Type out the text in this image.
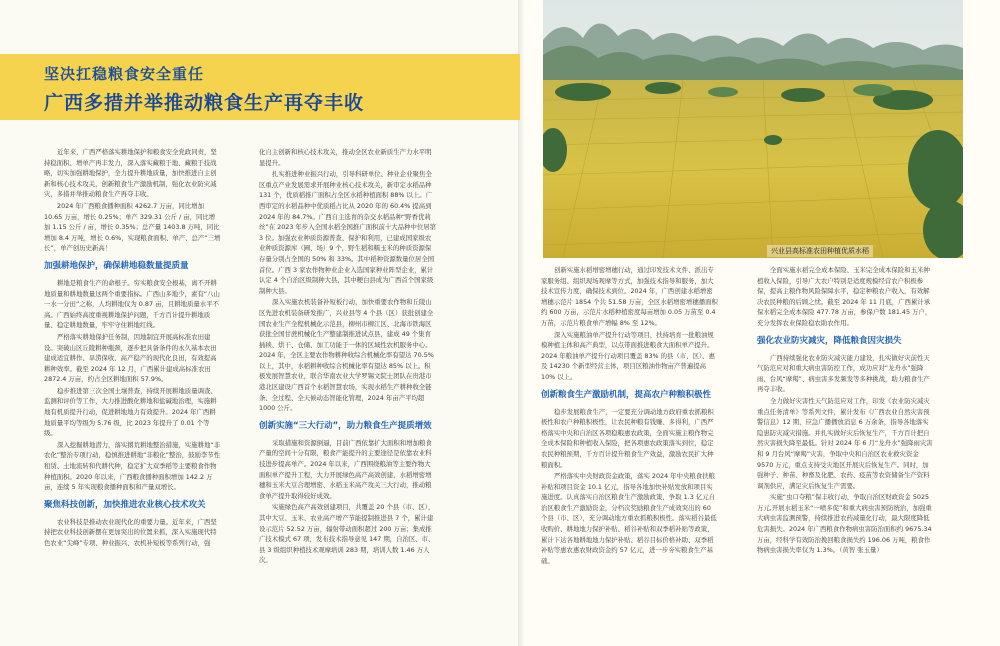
坚决扛稳粮食安全重任
广西多措并举推动粮食生产再夺丰收
兴业县高标准农田种植优质水稻

近年来，广西严格落实耕地保护和粮食安全党政同责，坚持稳面积、增单产再丰发力，深入落实藏粮于地、藏粮于技战略，切实加强耕地保护，全力提升耕地质量，加快推进自主创新和核心技术攻关，创新粮食生产激励机制，强化农业防灾减灾，多措并举推动粮食生产再夺丰收。

2024 年广西粮食播种面积 4262.7 万亩，同比增加 10.65 万亩，增长 0.25%；单产 329.31 公斤 / 亩，同比增加 1.15 公斤 / 亩，增长 0.35%；总产量 1403.8 万吨，同比增加 8.4 万吨，增长 0.6%，实现粮食面积、单产、总产“三增长”，单产创历史新高！

加强耕地保护，确保耕地稳数量提质量

耕地是粮食生产的命根子。穷实粮食安全根基，离不开耕地质量和耕地数量这两个重要指标。广西山多地少，素有“八山一水一分田”之称，人均耕地仅为 0.87 亩，且耕地质量水平不高。广西始终高度重视耕地保护问题，千方百计提升耕地质量、稳定耕地数量，牢牢守住耕地红线。

严格落实耕地保护任务制，因地制宜开展高标准农田建设。突破山区丘陵耕种瓶颈，逐步把具备条件的永久基本农田建成适宜耕作、旱涝保收、高产稳产的现代化良田，有效提高耕种效率。截至 2024 年 12 月，广西累计建成高标准农田 2872.4 万亩，约占全区耕地面积 57.9%。

稳步推进第三次全国土壤普查，持续开展耕地质量调查、监测和评价等工作，大力推进酸化耕地和盐碱地治理，实施耕地有机质提升行动，促进耕地地力有效提升。2024 年广西耕地质量平均等级为 5.76 级，比 2023 年提升了 0.01 个等级。

深入挖掘耕地潜力，落实撂荒耕地整治措施，实施耕地“非农化”整治专项行动，稳慎推进耕地“非粮化”整治，鼓励李节性租赁、土地流转和代耕代种，稳定扩大双季稻等主要粮食作物种植面积。2020 年以来，广西粮食播种面积增加 142.2 万亩，连续 5 年实现粮食播种面积和产量双增长。

聚焦科技创新，加快推进农业核心技术攻关

农业科技是推动农业现代化的重要力量。近年来，广西坚持把农业科技创新摆在更加突出的位置来抓，深入实施现代特色农业“尖峰”专项、种业振兴、农机补短板等系列行动，强

化自主创新和核心技术攻关，推动全区农业新质生产力水平明显提升。

扎实推进种业振兴行动，引导科研单位、种业企业聚焦全区重点产业发展需求开展种业核心技术攻关，新审定水稻品种 131 个，优质稻推广面积占全区水稻种植面积 88% 以上。广西审定的水稻品种中优质稻占比从 2020 年的 60.4% 提高到 2024 年的 84.7%。广西自主选育的杂交水稻品种“野香优莉丝”在 2023 年步入全国水稻全国推广面积前十大品种中位居第 3 位。加强农业种质资源普查、保护和利用，已建成国家级农业种质资源库（圃、场）9 个，野生稻和糯玉米的种质资源保存量分别占全国的 50% 和 33%。其中稻种资源数量位居全国首位。广西 3 家农作物种业企业入选国家种业阵型企业，累计认定 4 个自治区级制种大县，其中粳白县成为广西首个国家级制种大县。

深入实施农机装备补短板行动，加快重要农作物和丘陵山区先进农机装备研发推广，兴业县等 4 个县（区）获批创建全国农业生产全程机械化示范县，柳州市柳江区、北海市铁海区获批全国甘蔗机械化生产整建制推进试点县，建成 49 个集育插秧、烘干、仓储、加工功能于一体的区域性农机服务中心。2024 年，全区主要农作物耕种收综合机械化率有望达 70.5% 以上，其中，水稻耕种收综合机械化率有望达 85% 以上。积极发展智慧农业，联合华南农业大学罗锡文院士团队在贵港市港北区建设广西首个水稻智慧农场，实现水稻生产耕种收全链条、全过程、全天候动态智能化管理，2024 年亩产平均超 1000 公斤。

创新实施“三大行动”，助力粮食生产提质增效

采取措施和资源倒逼，目前广西依靠扩大面积和增加粮食产量的空间十分有限，粮食产能提升的主要途径是依靠农业科技进步提高单产。2024 年以来，广西围绕粮油等主要作物大面积单产提升工程，大力开展绿色高产高效创建，水稻增密增穗和玉米大豆合理增密、水稻玉米高产攻关三大行动，推动粮食单产提升取得较好成效。

实施绿色高产高效创建项目，共覆盖 20 个县（市、区），其中大豆、玉米、农业高产增产节能提制推进县 7 个，累计建设示范片 52.52 万亩，辐射带动面积超过 200 万亩；集成推广技术模式 67 项，发布技术指导意见 147 期，自治区、市、县 3 级组织种植技术观摩培训 283 期，培训人数 1.46 万人次。

创新实施水稻增密增穗行动，通过印发技术文件、派出专家服务组、组织现场观摩等方式，加强技术指导和服务，加大技术宣传力度，确保技术到位。2024 年，广西创建水稻增密增穗示范片 1854 个共 51.58 万亩，全区水稻增密增穗播面积约 600 万亩，示范片水稻种植密度每亩增加 0.05 万苗至 0.4 万苗，示范片粮食单产增幅 8% 至 12%。

深入实施粮油单产提升行动等项目，扶持培育一批粮油规模种植主体和高产典型，以点带面推进粮食大面积单产提升。2024 年粮油单产提升行动项目覆盖 83% 的县（市、区）、惠及 14230 个新型经营主体，项目区粮油作物亩产普遍提高 10% 以上。

创新粮食生产激励机制，提高农户种粮积极性

稳步发展粮食生产，一定要充分调动地方政府重农抓粮积极性和农户种粮积极性，让农民种粮有钱赚、多得利，广西严格落实中央和自治区各项稳粮惠农政策，全面实施主粮作物完全成本保险和种植收入保险，把各项惠农政策落实到位，稳定农民种粮预期，千方百计提升粮食生产效益，激励农民扩大种粮面积。

严格落实中央财政资金政策，落实 2024 年中央粮食扶粮补贴和项目资金 10.1 亿元，指导各地加快补贴发放和项目实施进度。认真落实自治区粮食生产激励政策，争取 1.3 亿元自治区粮食生产激励资金，分档次奖励粮食生产成效突出的 60 个县（市、区），充分调动地方重农抓粮积极性。落实稻谷最低收购价、耕地地力保护补贴、稻谷补贴和双季稻补贴等政策，累计下达各地耕地地力保护补贴、稻谷目标价格补助、双季稻补贴等惠农惠农财政资金约 57 亿元，进一步夯实粮食生产基础。

全面实施水稻完全成本保险、玉米完全成本保险和玉米种植收入保险，引导广大农户特别是适度规模经营农户积极参保，提高主粮作物风险保障水平，稳定种粮农户收入，有效解决农民种粮的后顾之忧。截至 2024 年 11 月底，广西累计承保水稻完全成本保险 477.78 万亩，参保户数 181.45 万户，充分发挥农业保险稳农助农作用。

强化农业防灾减灾，降低粮食因灾损失

广西持续强化农业防灾减灾能力建设，扎实做好灾前性天气防范应对和重大病虫害防控工作，成功应对“龙舟水”强降雨、台风“摩羯”、病虫害多发频发等多种挑战，助力粮食生产再夺丰收。

全力做好灾害性天气防范应对工作，印发《农业防灾减灾重点任务清单》等系列文件，累计发布《广西农业自然灾害预警信息》12 期，应急广播播放消息 6 万余条，指导各地落实隐患防灾减灾措施。并扎实做好灾后恢复生产，千方百计把自然灾害损失降至最低。针对 2024 年 6 月“龙舟水”强降雨灾害和 9 月台风“摩羯”灾害，争取中央和自治区农业救灾资金 9570 万元，重点支持受灾地区开展灾后恢复生产。同时，加强种子、种苗、种畜及化肥、农药、疫苗等农资储备生产资料调剂供应，满足灾后恢复生产需要。

实施“虫口夺粮”保丰收行动，争取自治区财政资金 5025 万元,开展水稻玉米“一喷多促”和重大病虫害预防统治，加强重大病虫害监测预警，持续推进农药减量化行动，最大限度降低危害损失。2024 年广西粮食作物病虫害防治面积约 9675.34 万亩，经科学有效防治挽回粮食损失约 196.06 万吨，粮食作物病虫害损失率仅为 1.3%。（黄智 张玉量）
